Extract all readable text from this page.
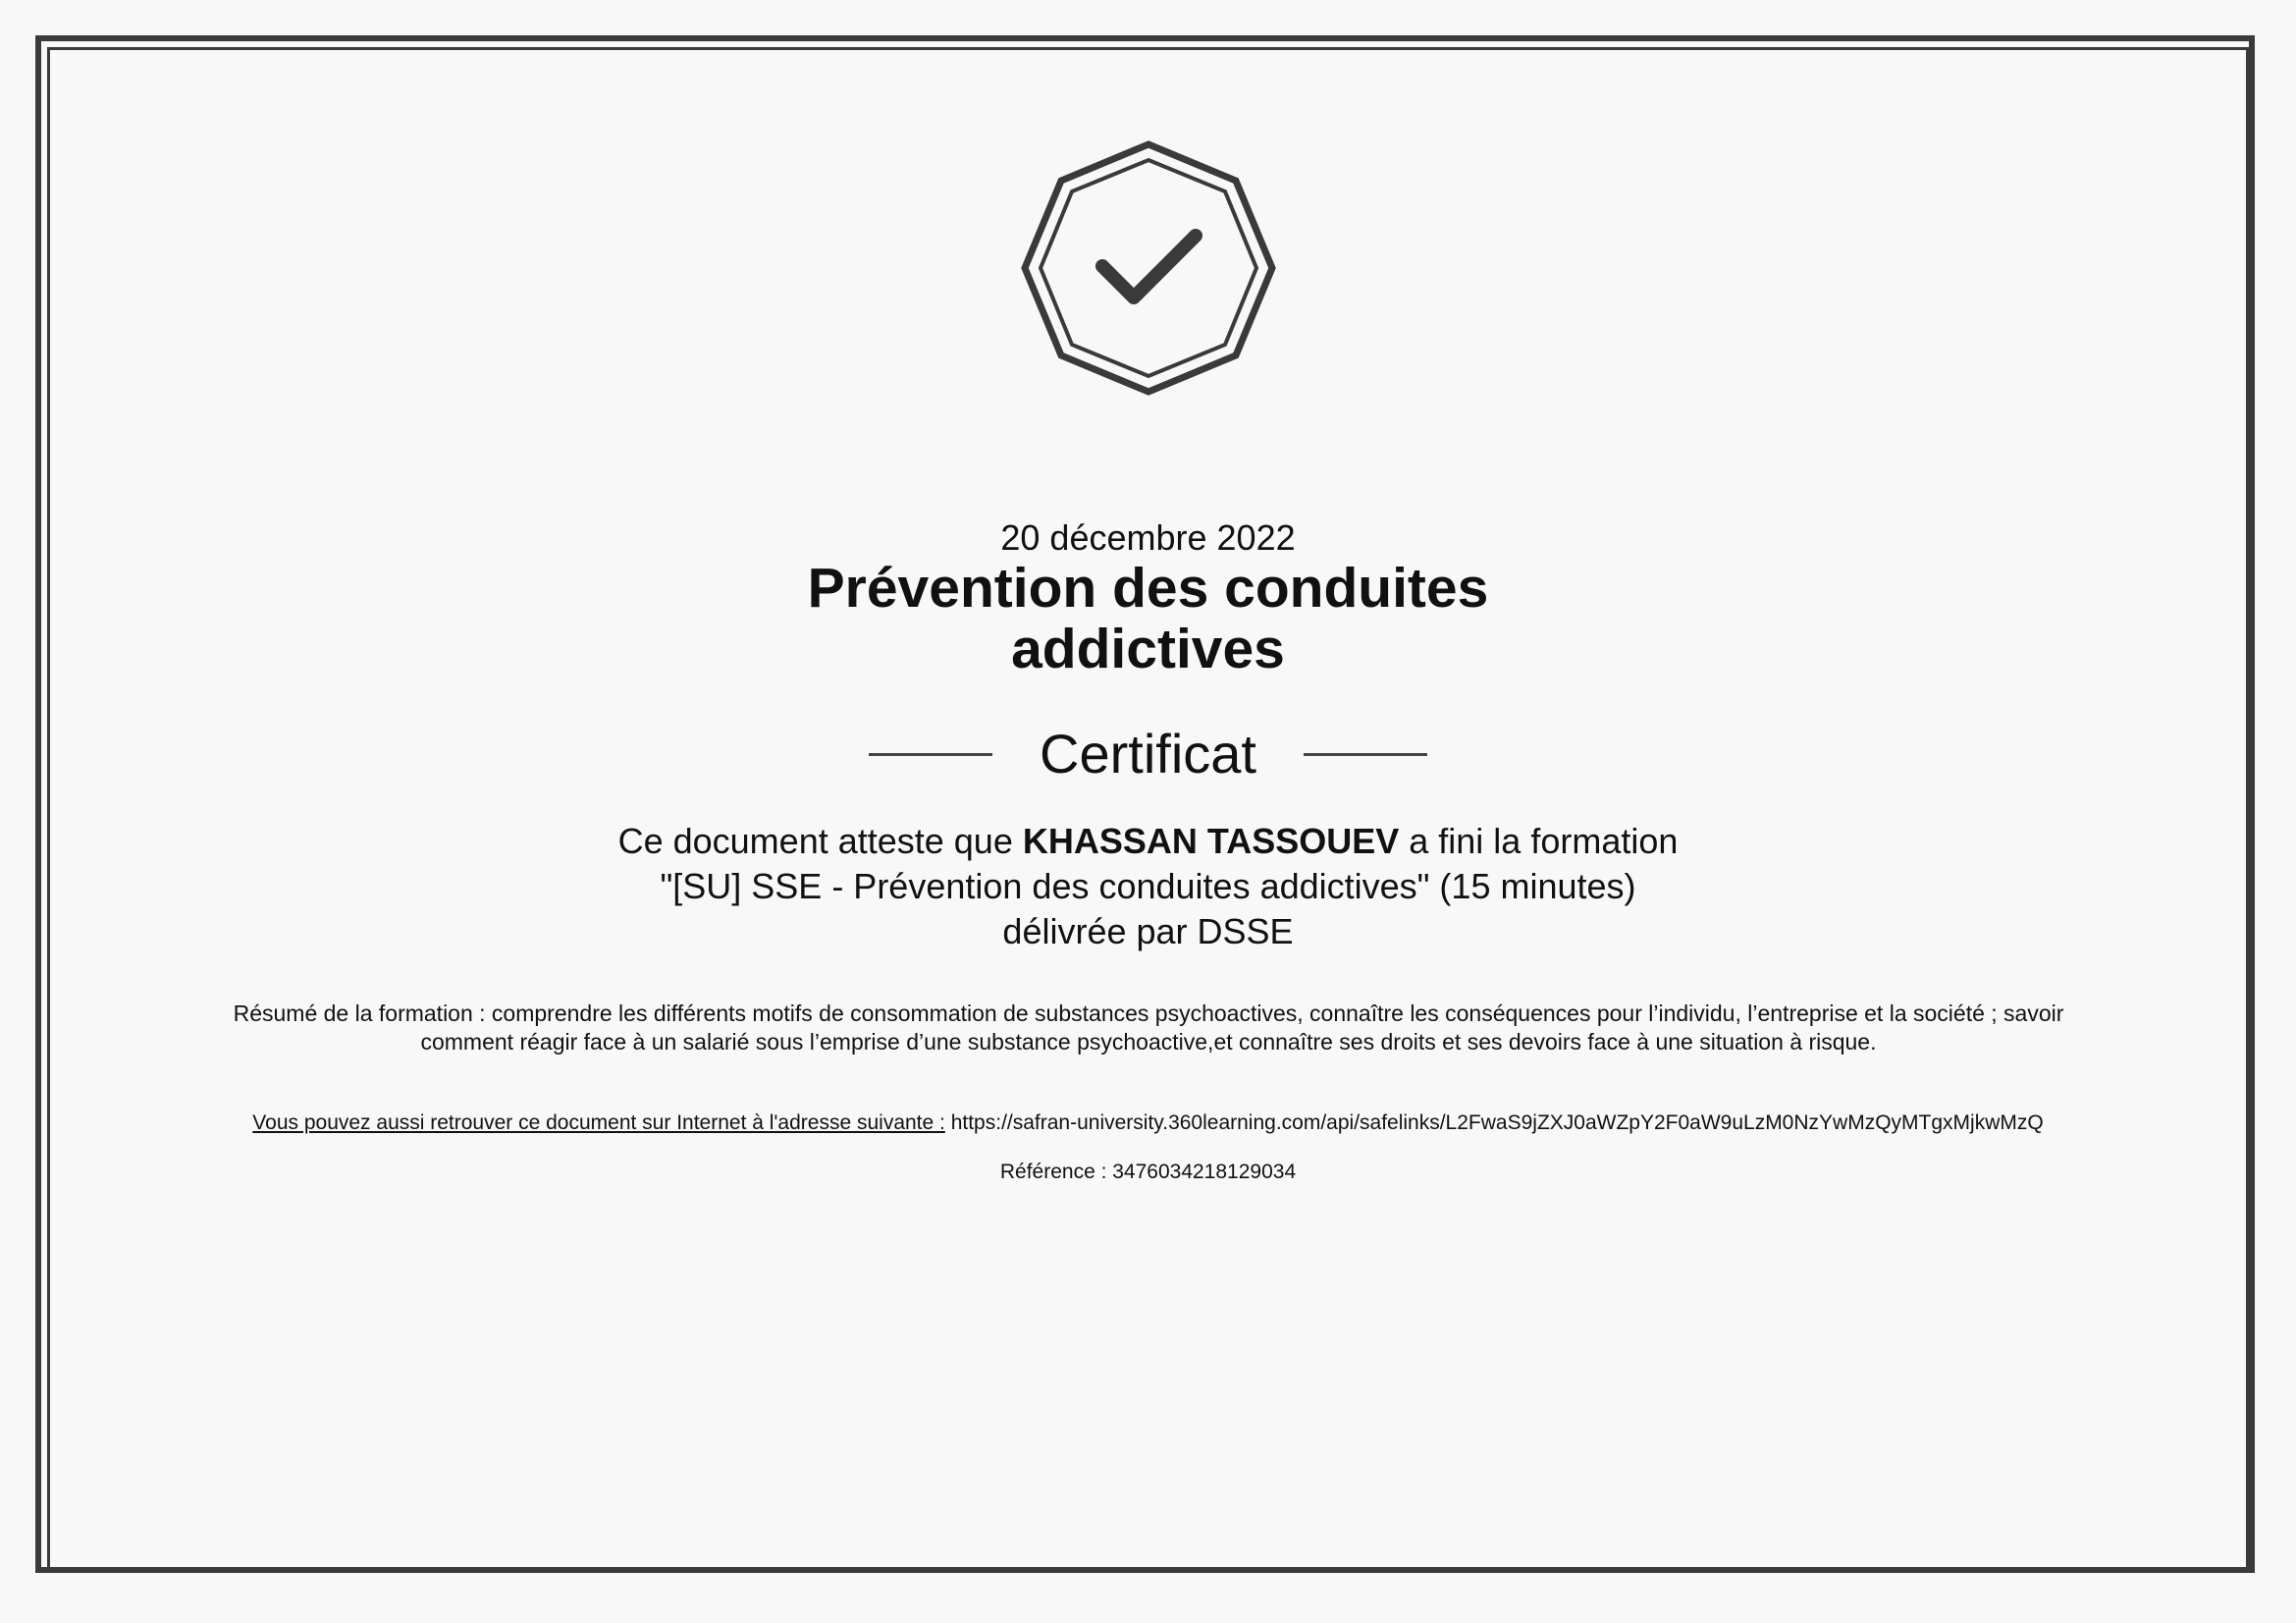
20 décembre 2022
Prévention des conduites
addictives
Certificat
Ce document atteste que KHASSAN TASSOUEV a fini la formation
"[SU] SSE - Prévention des conduites addictives" (15 minutes)
délivrée par DSSE
Résumé de la formation : comprendre les différents motifs de consommation de substances psychoactives, connaître les conséquences pour l’individu, l’entreprise et la société ; savoir comment réagir face à un salarié sous l’emprise d’une substance psychoactive,et connaître ses droits et ses devoirs face à une situation à risque.
Vous pouvez aussi retrouver ce document sur Internet à l'adresse suivante : https://safran-university.360learning.com/api/safelinks/L2FwaS9jZXJ0aWZpY2F0aW9uLzM0NzYwMzQyMTgxMjkwMzQ
Référence : 3476034218129034
